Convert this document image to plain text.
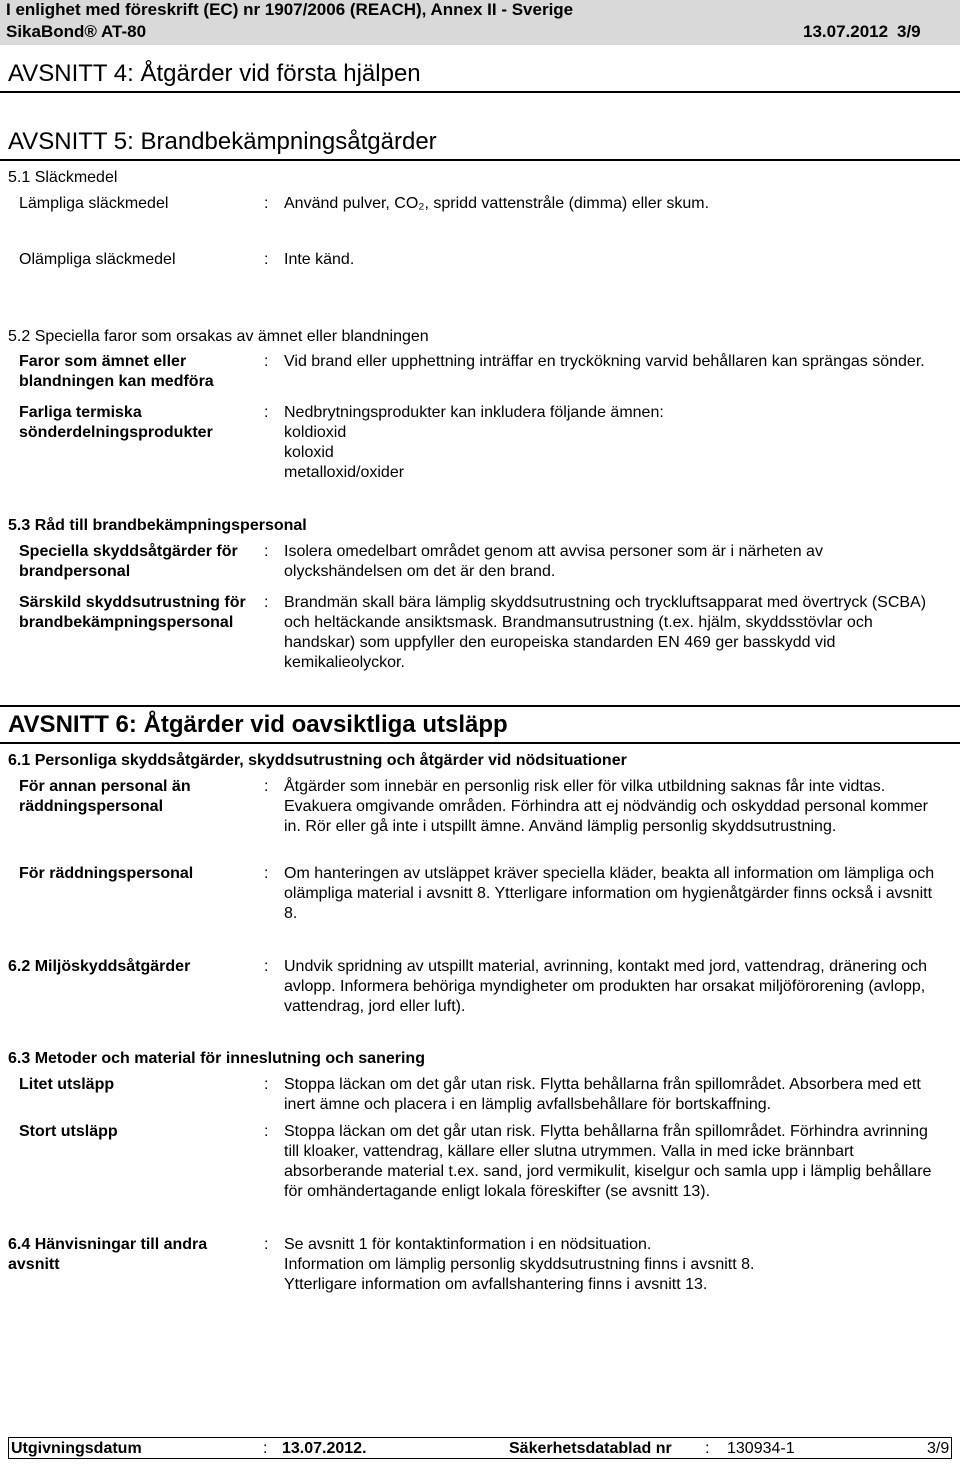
I enlighet med föreskrift (EC) nr 1907/2006 (REACH), Annex II - Sverige
SikaBond® AT-80	13.07.2012 3/9
AVSNITT 4: Åtgärder vid första hjälpen
AVSNITT 5: Brandbekämpningsåtgärder
5.1 Släckmedel
Lämpliga släckmedel	: Använd pulver, CO₂, spridd vattenstråle (dimma) eller skum.
Olämpliga släckmedel	: Inte känd.
5.2 Speciella faror som orsakas av ämnet eller blandningen
Faror som ämnet eller blandningen kan medföra
: Vid brand eller upphettning inträffar en tryckökning varvid behållaren kan sprängas sönder.
Farliga termiska sönderdelningsprodukter
: Nedbrytningsprodukter kan inkludera följande ämnen:
koldioxid
koloxid
metalloxid/oxider
5.3 Råd till brandbekämpningspersonal
Speciella skyddsåtgärder för brandpersonal
: Isolera omedelbart området genom att avvisa personer som är i närheten av olyckshändelsen om det är den brand.
Särskild skyddsutrustning för brandbekämpningspersonal
: Brandmän skall bära lämplig skyddsutrustning och tryckluftsapparat med övertryck (SCBA) och heltäckande ansiktsmask. Brandmansutrustning (t.ex. hjälm, skyddsstövlar och handskar) som uppfyller den europeiska standarden EN 469 ger basskydd vid kemikalieolyckor.
AVSNITT 6: Åtgärder vid oavsiktliga utsläpp
6.1 Personliga skyddsåtgärder, skyddsutrustning och åtgärder vid nödsituationer
För annan personal än räddningspersonal
: Åtgärder som innebär en personlig risk eller för vilka utbildning saknas får inte vidtas. Evakuera omgivande områden. Förhindra att ej nödvändig och oskyddad personal kommer in. Rör eller gå inte i utspillt ämne. Använd lämplig personlig skyddsutrustning.
För räddningspersonal	: Om hanteringen av utsläppet kräver speciella kläder, beakta all information om lämpliga och olämpliga material i avsnitt 8. Ytterligare information om hygienåtgärder finns också i avsnitt 8.
6.2 Miljöskyddsåtgärder	: Undvik spridning av utspillt material, avrinning, kontakt med jord, vattendrag, dränering och avlopp. Informera behöriga myndigheter om produkten har orsakat miljöförorening (avlopp, vattendrag, jord eller luft).
6.3 Metoder och material för inneslutning och sanering
Litet utsläpp	: Stoppa läckan om det går utan risk. Flytta behållarna från spillområdet. Absorbera med ett inert ämne och placera i en lämplig avfallsbehållare för bortskaffning.
Stort utsläpp	: Stoppa läckan om det går utan risk. Flytta behållarna från spillområdet. Förhindra avrinning till kloaker, vattendrag, källare eller slutna utrymmen. Valla in med icke brännbart absorberande material t.ex. sand, jord vermikulit, kiselgur och samla upp i lämplig behållare för omhändertagande enligt lokala föreskifter (se avsnitt 13).
6.4 Hänvisningar till andra avsnitt
: Se avsnitt 1 för kontaktinformation i en nödsituation.
Information om lämplig personlig skyddsutrustning finns i avsnitt 8.
Ytterligare information om avfallshantering finns i avsnitt 13.
Utgivningsdatum	: 13.07.2012.	Säkerhetsdatablad nr : 130934-1	3/9
